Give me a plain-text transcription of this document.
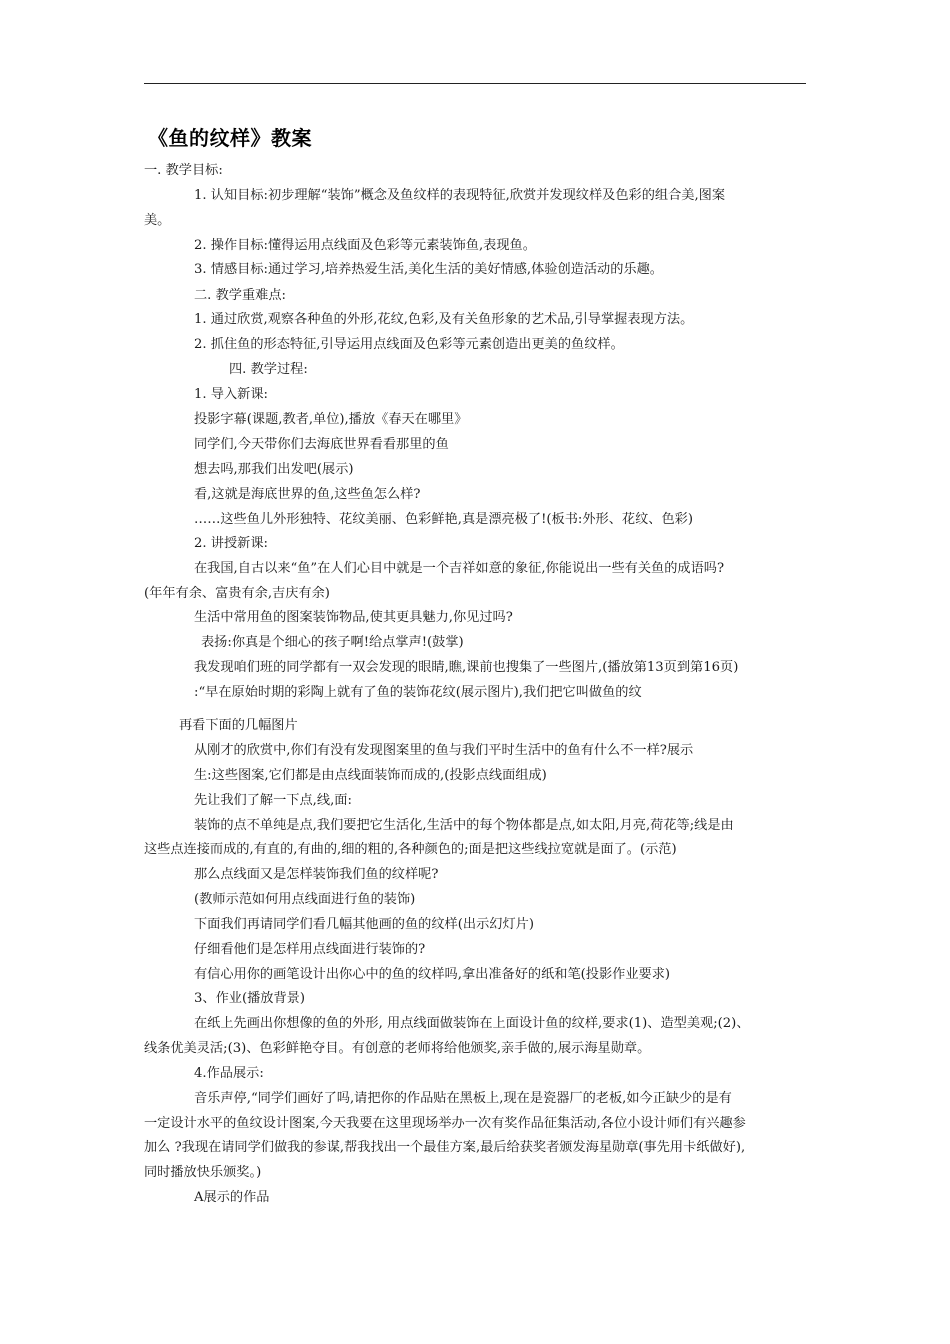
《鱼的纹样》教案
一. 教学目标:
1. 认知目标:初步理解“装饰”概念及鱼纹样的表现特征,欣赏并发现纹样及色彩的组合美,图案
美。
2. 操作目标:懂得运用点线面及色彩等元素装饰鱼,表现鱼。
3. 情感目标:通过学习,培养热爱生活,美化生活的美好情感,体验创造活动的乐趣。
二. 教学重难点:
1. 通过欣赏,观察各种鱼的外形,花纹,色彩,及有关鱼形象的艺术品,引导掌握表现方法。
2. 抓住鱼的形态特征,引导运用点线面及色彩等元素创造出更美的鱼纹样。
四. 教学过程:
1. 导入新课:
投影字幕(课题,教者,单位),播放《春天在哪里》
同学们,今天带你们去海底世界看看那里的鱼
想去吗,那我们出发吧(展示)
看,这就是海底世界的鱼,这些鱼怎么样?
……这些鱼儿外形独特、花纹美丽、色彩鲜艳,真是漂亮极了!(板书:外形、花纹、色彩)
2. 讲授新课:
在我国,自古以来“鱼”在人们心目中就是一个吉祥如意的象征,你能说出一些有关鱼的成语吗?
(年年有余、富贵有余,吉庆有余)
生活中常用鱼的图案装饰物品,使其更具魅力,你见过吗?
表扬:你真是个细心的孩子啊!给点掌声!(鼓掌)
我发现咱们班的同学都有一双会发现的眼睛,瞧,课前也搜集了一些图片,(播放第13页到第16页)
:“早在原始时期的彩陶上就有了鱼的装饰花纹(展示图片),我们把它叫做鱼的纹
再看下面的几幅图片
从刚才的欣赏中,你们有没有发现图案里的鱼与我们平时生活中的鱼有什么不一样?展示
生:这些图案,它们都是由点线面装饰而成的,(投影点线面组成)
先让我们了解一下点,线,面:
装饰的点不单纯是点,我们要把它生活化,生活中的每个物体都是点,如太阳,月亮,荷花等;线是由
这些点连接而成的,有直的,有曲的,细的粗的,各种颜色的;面是把这些线拉宽就是面了。(示范)
那么点线面又是怎样装饰我们鱼的纹样呢?
(教师示范如何用点线面进行鱼的装饰)
下面我们再请同学们看几幅其他画的鱼的纹样(出示幻灯片)
仔细看他们是怎样用点线面进行装饰的?
有信心用你的画笔设计出你心中的鱼的纹样吗,拿出准备好的纸和笔(投影作业要求)
3、作业(播放背景)
在纸上先画出你想像的鱼的外形, 用点线面做装饰在上面设计鱼的纹样,要求(1)、造型美观;(2)、
线条优美灵活;(3)、色彩鲜艳夺目。有创意的老师将给他颁奖,亲手做的,展示海星勋章。
4.作品展示:
音乐声停,“同学们画好了吗,请把你的作品贴在黑板上,现在是瓷器厂的老板,如今正缺少的是有
一定设计水平的鱼纹设计图案,今天我要在这里现场举办一次有奖作品征集活动,各位小设计师们有兴趣参
加么 ?我现在请同学们做我的参谋,帮我找出一个最佳方案,最后给获奖者颁发海星勋章(事先用卡纸做好),
同时播放快乐颁奖。)
A展示的作品
